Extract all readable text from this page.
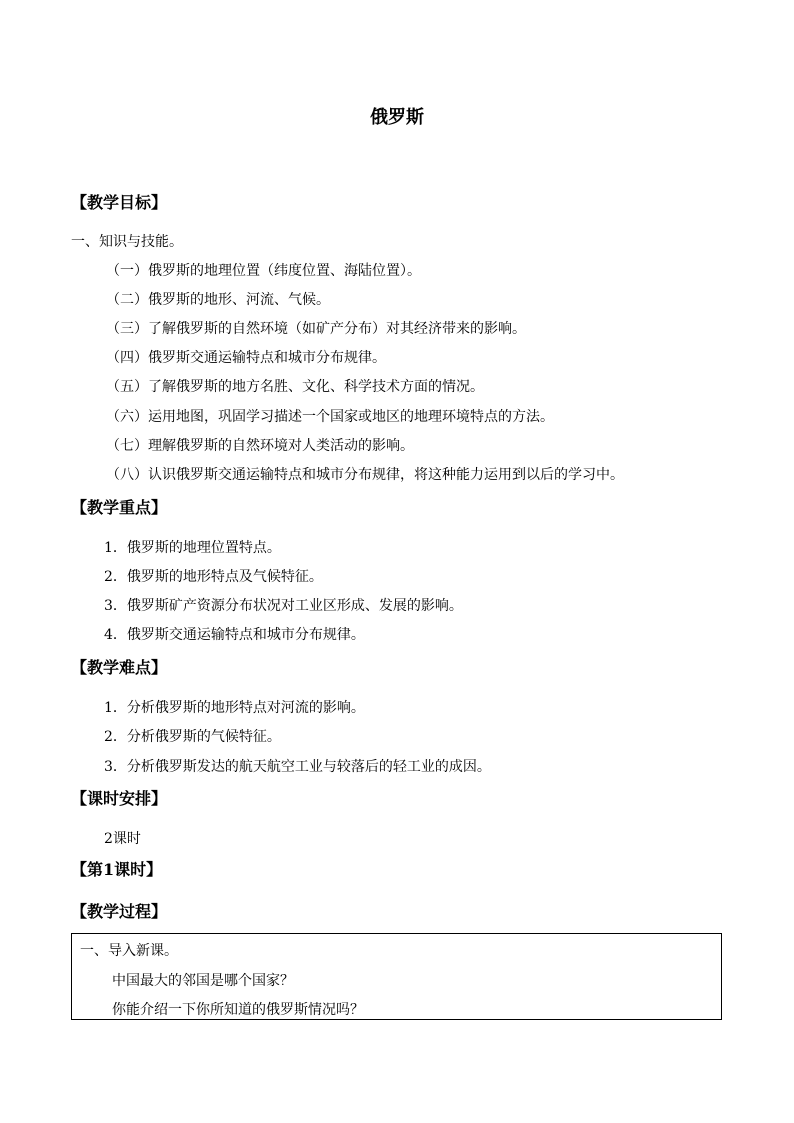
俄罗斯
【教学目标】
一、知识与技能。
（一）俄罗斯的地理位置（纬度位置、海陆位置）。
（二）俄罗斯的地形、河流、气候。
（三）了解俄罗斯的自然环境（如矿产分布）对其经济带来的影响。
（四）俄罗斯交通运输特点和城市分布规律。
（五）了解俄罗斯的地方名胜、文化、科学技术方面的情况。
（六）运用地图，巩固学习描述一个国家或地区的地理环境特点的方法。
（七）理解俄罗斯的自然环境对人类活动的影响。
（八）认识俄罗斯交通运输特点和城市分布规律，将这种能力运用到以后的学习中。
【教学重点】
1．俄罗斯的地理位置特点。
2．俄罗斯的地形特点及气候特征。
3．俄罗斯矿产资源分布状况对工业区形成、发展的影响。
4．俄罗斯交通运输特点和城市分布规律。
【教学难点】
1．分析俄罗斯的地形特点对河流的影响。
2．分析俄罗斯的气候特征。
3．分析俄罗斯发达的航天航空工业与较落后的轻工业的成因。
【课时安排】
2课时
【第1课时】
【教学过程】
一、导入新课。
中国最大的邻国是哪个国家？
你能介绍一下你所知道的俄罗斯情况吗？
